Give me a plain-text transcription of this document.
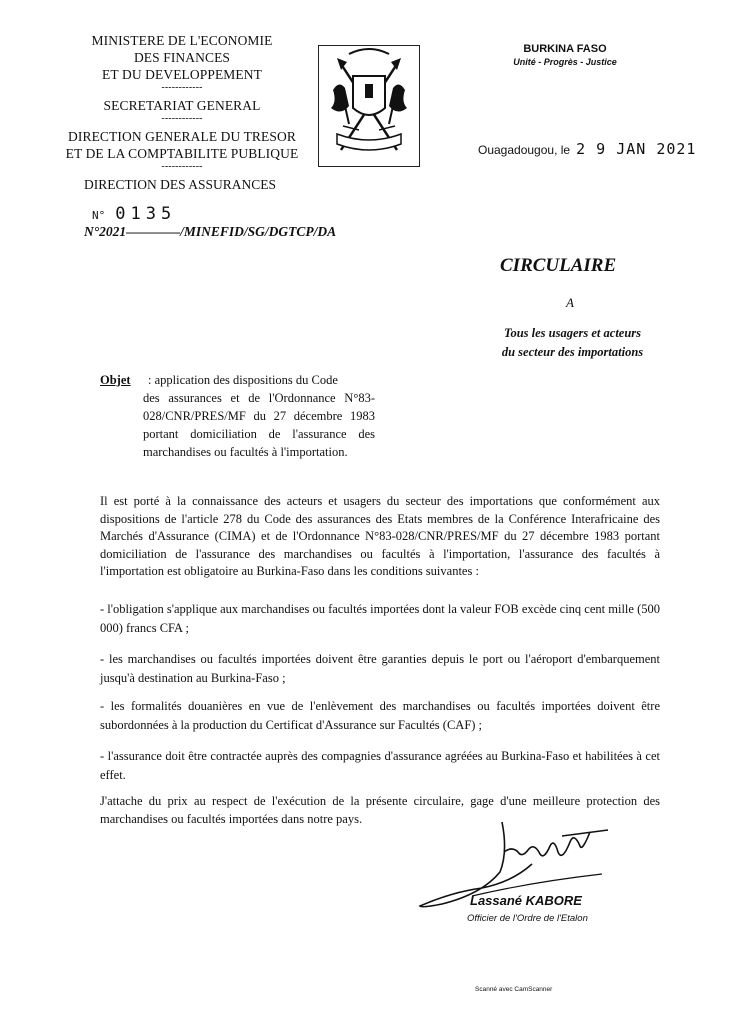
MINISTERE DE L'ECONOMIE
DES FINANCES
ET DU DEVELOPPEMENT
------------
SECRETARIAT GENERAL
------------
DIRECTION GENERALE DU TRESOR
ET DE LA COMPTABILITE PUBLIQUE
------------
BURKINA FASO
Unité - Progrès - Justice
Ouagadougou, le 2 9 JAN 2021
DIRECTION DES ASSURANCES
N° 0135
N°2021————/MINEFID/SG/DGTCP/DA
CIRCULAIRE
A
Tous les usagers et acteurs
du secteur des importations
Objet : application des dispositions du Code
des assurances et de l'Ordonnance N°83-028/CNR/PRES/MF du 27 décembre 1983 portant domiciliation de l'assurance des marchandises ou facultés à l'importation.
Il est porté à la connaissance des acteurs et usagers du secteur des importations que conformément aux dispositions de l'article 278 du Code des assurances des Etats membres de la Conférence Interafricaine des Marchés d'Assurance (CIMA) et de l'Ordonnance N°83-028/CNR/PRES/MF du 27 décembre 1983 portant domiciliation de l'assurance des marchandises ou facultés à l'importation, l'assurance des facultés à l'importation est obligatoire au Burkina-Faso dans les conditions suivantes :
- l'obligation s'applique aux marchandises ou facultés importées dont la valeur FOB excède cinq cent mille (500 000) francs CFA ;
- les marchandises ou facultés importées doivent être garanties depuis le port ou l'aéroport d'embarquement jusqu'à destination au Burkina-Faso ;
- les formalités douanières en vue de l'enlèvement des marchandises ou facultés importées doivent être subordonnées à la production du Certificat d'Assurance sur Facultés (CAF) ;
- l'assurance doit être contractée auprès des compagnies d'assurance agréées au Burkina-Faso et habilitées à cet effet.
J'attache du prix au respect de l'exécution de la présente circulaire, gage d'une meilleure protection des marchandises ou facultés importées dans notre pays.
Lassané KABORE
Officier de l'Ordre de l'Etalon
Scanné avec CamScanner
